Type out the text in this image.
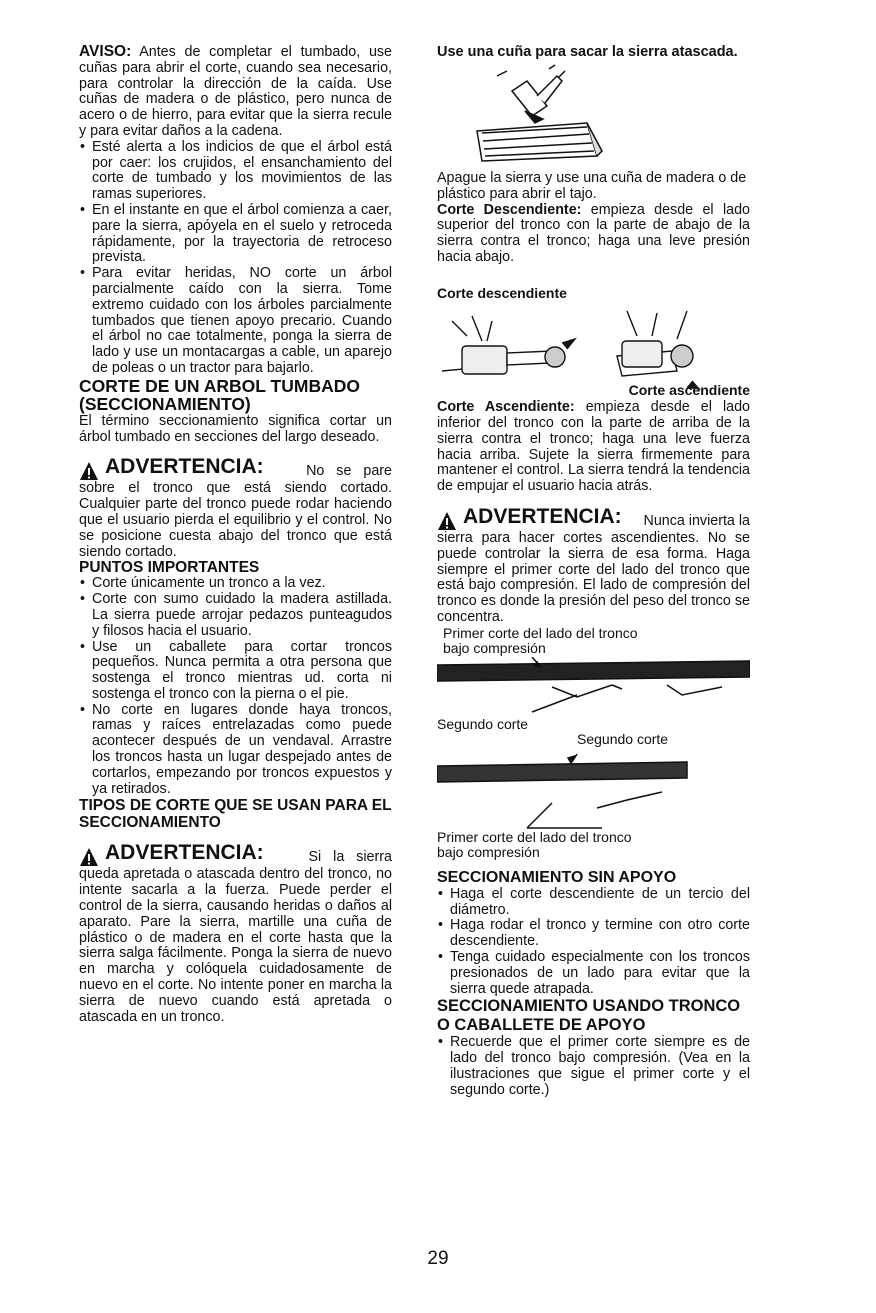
AVISO: Antes de completar el tumbado, use cuñas para abrir el corte, cuando sea necesario, para controlar la dirección de la caída. Use cuñas de madera o de plástico, pero nunca de acero o de hierro, para evitar que la sierra recule y para evitar daños a la cadena.

• Esté alerta a los indicios de que el árbol está por caer: los crujidos, el ensanchamiento del corte de tumbado y los movimientos de las ramas superiores.
• En el instante en que el árbol comienza a caer, pare la sierra, apóyela en el suelo y retroceda rápidamente, por la trayectoria de retroceso prevista.
• Para evitar heridas, NO corte un árbol parcialmente caído con la sierra. Tome extremo cuidado con los árboles parcialmente tumbados que tienen apoyo precario. Cuando el árbol no cae totalmente, ponga la sierra de lado y use un montacargas a cable, un aparejo de poleas o un tractor para bajarlo.
CORTE DE UN ARBOL TUMBADO (SECCIONAMIENTO)

El término seccionamiento significa cortar un árbol tumbado en secciones del largo deseado.

ADVERTENCIA:	No se pare

sobre el tronco que está siendo cortado. Cualquier parte del tronco puede rodar haciendo que el usuario pierda el equilibrio y el control. No se posicione cuesta abajo del tronco que está siendo cortado.

PUNTOS IMPORTANTES
• Corte únicamente un tronco a la vez.
• Corte con sumo cuidado la madera astillada. La sierra puede arrojar pedazos punteagudos y filosos hacia el usuario.
• Use un caballete para cortar troncos pequeños. Nunca permita a otra persona que sostenga el tronco mientras ud. corta ni sostenga el tronco con la pierna o el pie.
• No corte en lugares donde haya troncos, ramas y raíces entrelazadas como puede acontecer después de un vendaval. Arrastre los troncos hasta un lugar despejado antes de cortarlos, empezando por troncos expuestos y ya retirados.
TIPOS DE CORTE QUE SE USAN PARA EL SECCIONAMIENTO
ADVERTENCIA:	Si la sierra

queda apretada o atascada dentro del tronco, no intente sacarla a la fuerza. Puede perder el control de la sierra, causando heridas o daños al aparato. Pare la sierra, martille una cuña de plástico o de madera en el corte hasta que la sierra salga fácilmente. Ponga la sierra de nuevo en marcha y colóquela cuidadosamente de nuevo en el corte. No intente poner en marcha la sierra de nuevo cuando está apretada o atascada en un tronco.

Use una cuña para sacar la sierra atascada.

Apague la sierra y use una cuña de madera o de plástico para abrir el tajo.

Corte Descendiente: empieza desde el lado superior del tronco con la parte de abajo de la sierra contra el tronco; haga una leve presión hacia abajo.

Corte descendiente
Corte ascendiente

Corte Ascendiente: empieza desde el lado inferior del tronco con la parte de arriba de la sierra contra el tronco; haga una leve fuerza hacia arriba. Sujete la sierra firmemente para mantener el control. La sierra tendrá la tendencia de empujar el usuario hacia atrás.

ADVERTENCIA: Nunca invierta la

sierra para hacer cortes ascendientes. No se puede controlar la sierra de esa forma. Haga siempre el primer corte del lado del tronco que está bajo compresión. El lado de compresión del tronco es donde la presión del peso del tronco se concentra.

Primer corte del lado del tronco
bajo compresión
Segundo corte
Segundo corte
Primer corte del lado del tronco
bajo compresión
SECCIONAMIENTO SIN APOYO
• Haga el corte descendiente de un tercio del diámetro.
• Haga rodar el tronco y termine con otro corte descendiente.
• Tenga cuidado especialmente con los troncos presionados de un lado para evitar que la sierra quede atrapada.
SECCIONAMIENTO USANDO TRONCO O CABALLETE DE APOYO
• Recuerde que el primer corte siempre es de lado del tronco bajo compresión. (Vea en la ilustraciones que sigue el primer corte y el segundo corte.)
29
